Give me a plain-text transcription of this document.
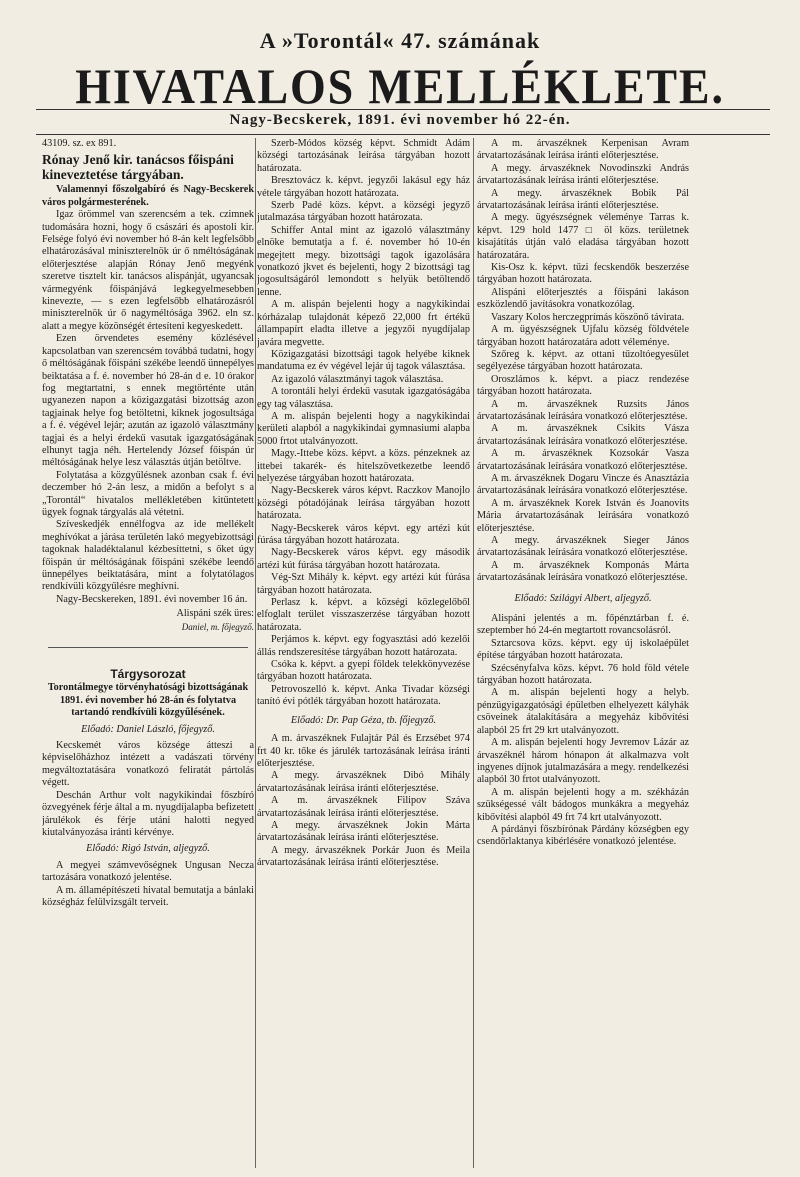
A »Torontál« 47. számának
HIVATALOS MELLÉKLETE.
Nagy-Becskerek, 1891. évi november hó 22-én.

43109. sz. ex 891.

Rónay Jenő kir. tanácsos főispáni kineveztetése tárgyában.

Valamennyi főszolgabíró és Nagy-Becskerek város polgármesterének.

Igaz örömmel van szerencsém a tek. czimnek tudomására hozni, hogy ő császári és apostoli kir. Felsége folyó évi november hó 8-án kelt legfelsőbb elhatározásával miniszterelnök úr ő nméltóságának előterjesztése alapján Rónay Jenő megyénk szeretve tisztelt kir. tanácsos alispánját, ugyancsak vármegyénk főispánjává legkegyelmesebben kinevezte, — s ezen legfelsőbb elhatározásról miniszterelnök úr ő nagyméltósága 3962. eln sz. alatt a megye közönségét értesíteni kegyeskedett.

Ezen örvendetes esemény közlésével kapcsolatban van szerencsém továbbá tudatni, hogy ő méltóságának főispáni székébe leendő ünnepélyes beiktatása a f. é. november hó 28-án d e. 10 órakor fog megtartatni, s ennek megtörténte után ugyanezen napon a közigazgatási bizottság azon tagjainak helye fog betöltetni, kiknek jogosultsága a f. é. végével lejár; azután az igazoló választmány tagjai és a helyi érdekű vasutak igazgatóságának elhunyt tagja néh. Hertelendy József főispán úr méltóságának helye lesz választás útján betöltve.

Folytatása a közgyűlésnek azonban csak f. évi deczember hó 2-án lesz, a midőn a befolyt s a „Torontál“ hivatalos mellékletében kitűntetett ügyek fognak tárgyalás alá vétetni.

Szíveskedjék ennélfogva az ide mellékelt meghívókat a járása területén lakó megyebizottsági tagoknak haladéktalanul kézbesíttetni, s őket úgy főispán úr méltóságának főispáni székébe leendő ünnepélyes beiktatására, mint a folytatólagos rendkívüli közgyűlésre meghívni.

Nagy-Becskereken, 1891. évi november 16 án.

Alispáni szék üres:

Daniel, m. főjegyző.

Tárgysorozat

Torontálmegye törvényhatósági bizottságának 1891. évi november hó 28-án és folytatva tartandó rendkívüli közgyűlésének.

Előadó: Daniel László, főjegyző.

Kecskemét város községe átteszi a képviselőházhoz intézett a vadászati törvény megváltoztatására vonatkozó feliratát pártolás végett.

Deschán Arthur volt nagykikindai főszbíró özvegyének férje által a m. nyugdíjalapba befizetett járulékok és férje utáni halotti negyed kiutalványozása iránti kérvénye.

Előadó: Rigó István, aljegyző.

A megyei számvevőségnek Ungusan Necza tartozására vonatkozó jelentése.

A m. államépítészeti hivatal bemutatja a bánlaki községház felülvizsgált terveit.

Szerb-Módos község képvt. Schmidt Ádám községi tartozásának leírása tárgyában hozott határozata.

Bresztovácz k. képvt. jegyzői lakásul egy ház vétele tárgyában hozott határozata.

Szerb Padé közs. képvt. a községi jegyző jutalmazása tárgyában hozott határozata.

Schiffer Antal mint az igazoló választmány elnöke bemutatja a f. é. november hó 10-én megejtett megy. bizottsági tagok igazolására vonatkozó jkvet és bejelenti, hogy 2 bizottsági tag jogosultságáról lemondott s helyük betöltendő lenne.

A m. alispán bejelenti hogy a nagykikindai kórházalap tulajdonát képező 22,000 frt értékű állampapírt eladta illetve a jegyzői nyugdíjalap javára megvette.

Közigazgatási bizottsági tagok helyébe kiknek mandatuma ez év végével lejár új tagok választása.

Az igazoló választmányi tagok választása.

A torontáli helyi érdekű vasutak igazgatóságába egy tag választása.

A m. alispán bejelenti hogy a nagykikindai kerületi alapból a nagykikindai gymnasiumi alapba 5000 frtot utalványozott.

Magy.-Ittebe közs. képvt. a közs. pénzeknek az ittebei takarék- és hitelszövetkezetbe leendő helyezése tárgyában hozott határozata.

Nagy-Becskerek város képvt. Raczkov Manojlo községi pótadójának leírása tárgyában hozott határozata.

Nagy-Becskerek város képvt. egy artézi kút fúrása tárgyában hozott határozata.

Nagy-Becskerek város képvt. egy második artézi kút fúrása tárgyában hozott határozata.

Vég-Szt Mihály k. képvt. egy artézi kút fúrása tárgyában hozott határozata.

Perlasz k. képvt. a községi közlegelőből elfoglalt terület visszaszerzése tárgyában hozott határozata.

Perjámos k. képvt. egy fogyasztási adó kezelői állás rendszeresítése tárgyában hozott határozata.

Csóka k. képvt. a gyepi földek telekkönyvezése tárgyában hozott határozata.

Petrovoszelló k. képvt. Anka Tivadar községi tanító évi pótlék tárgyában hozott határozata.

Előadó: Dr. Pap Géza, tb. főjegyző.

A m. árvaszéknek Fulajtár Pál és Erzsébet 974 frt 40 kr. tőke és járulék tartozásának leírása iránti előterjesztése.

A megy. árvaszéknek Dibó Mihály árvatartozásának leírása iránti előterjesztése.

A m. árvaszéknek Filipov Száva árvatartozásának leírása iránti előterjesztése.

A megy. árvaszéknek Jokin Márta árvatartozásának leírása iránti előterjesztése.

A megy. árvaszéknek Porkár Juon és Meila árvatartozásának leírása iránti előterjesztése.

A m. árvaszéknek Kerpenisan Avram árvatartozásának leírása iránti előterjesztése.

A megy. árvaszéknek Novodinszki András árvatartozásának leírása iránti előterjesztése.

A megy. árvaszéknek Bobik Pál árvatartozásának leírása iránti előterjesztése.

A megy. ügyészségnek véleménye Tarras k. képvt. 129 hold 1477 □ öl közs. területnek kisajátítás útján való eladása tárgyában hozott határozatára.

Kis-Osz k. képvt. tűzi fecskendők beszerzése tárgyában hozott határozata.

Alispáni előterjesztés a főispáni lakáson eszközlendő javításokra vonatkozólag.

Vaszary Kolos herczegprímás köszönő távirata.

A m. ügyészségnek Ujfalu község földvétele tárgyában hozott határozatára adott véleménye.

Szőreg k. képvt. az ottani tűzoltóegyesület segélyezése tárgyában hozott határozata.

Oroszlámos k. képvt. a piacz rendezése tárgyában hozott határozata.

A m. árvaszéknek Ruzsits János árvatartozásának leírására vonatkozó előterjesztése.

A m. árvaszéknek Csikits Vásza árvatartozásának leírására vonatkozó előterjesztése.

A m. árvaszéknek Kozsokár Vasza árvatartozásának leírására vonatkozó előterjesztése.

A m. árvaszéknek Dogaru Vincze és Anasztázia árvatartozásának leírására vonatkozó előterjesztése.

A m. árvaszéknek Korek István és Joanovits Mária árvatartozásának leírására vonatkozó előterjesztése.

A megy. árvaszéknek Sieger János árvatartozásának leírására vonatkozó előterjesztése.

A m. árvaszéknek Komponás Márta árvatartozásának leírására vonatkozó előterjesztése.

Előadó: Szilágyi Albert, aljegyző.

Alispáni jelentés a m. főpénztárban f. é. szeptember hó 24-én megtartott rovancsolásról.

Sztarcsova közs. képvt. egy új iskolaépület építése tárgyában hozott határozata.

Szécsényfalva közs. képvt. 76 hold föld vétele tárgyában hozott határozata.

A m. alispán bejelenti hogy a helyb. pénzügyigazgatósági épületben elhelyezett kályhák csöveinek átalakítására a megyeház kibővítési alapból 25 frt 29 krt utalványozott.

A m. alispán bejelenti hogy Jevremov Lázár az árvaszéknél három hónapon át alkalmazva volt ingyenes díjnok jutalmazására a megy. rendelkezési alapból 30 frtot utalványozott.

A m. alispán bejelenti hogy a m. székházán szükségessé vált bádogos munkákra a megyeház kibővítési alapból 49 frt 74 krt utalványozott.

A párdányi főszbírónak Párdány községben egy csendőrlaktanya kibérlésére vonatkozó jelentése.
